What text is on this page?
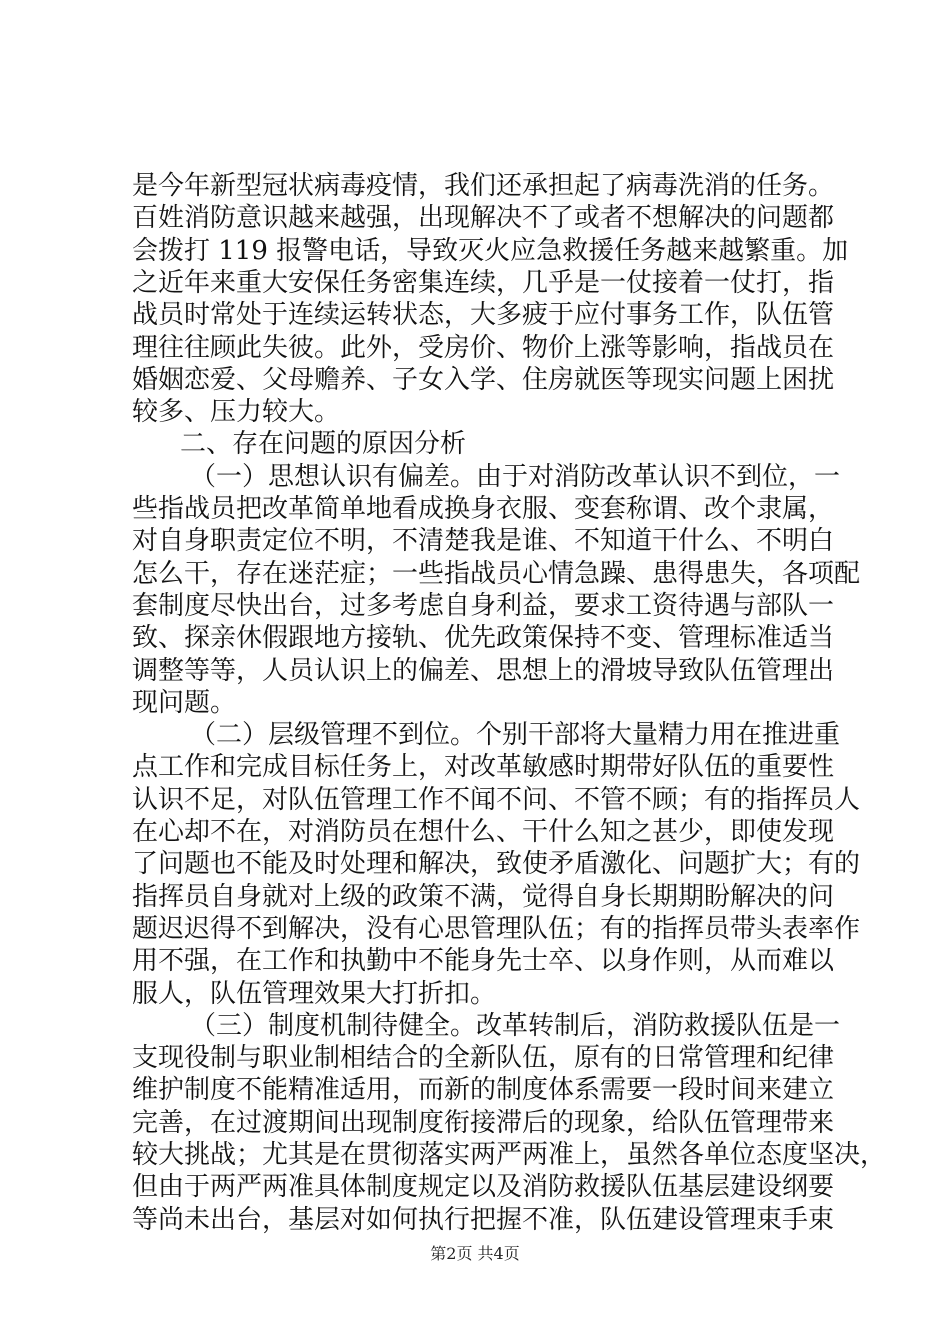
是今年新型冠状病毒疫情，我们还承担起了病毒洗消的任务。
百姓消防意识越来越强，出现解决不了或者不想解决的问题都
会拨打 119 报警电话，导致灭火应急救援任务越来越繁重。加
之近年来重大安保任务密集连续，几乎是一仗接着一仗打，指
战员时常处于连续运转状态，大多疲于应付事务工作，队伍管
理往往顾此失彼。此外，受房价、物价上涨等影响，指战员在
婚姻恋爱、父母赡养、子女入学、住房就医等现实问题上困扰
较多、压力较大。
二、存在问题的原因分析
（一）思想认识有偏差。由于对消防改革认识不到位，一
些指战员把改革简单地看成换身衣服、变套称谓、改个隶属，
对自身职责定位不明，不清楚我是谁、不知道干什么、不明白
怎么干，存在迷茫症；一些指战员心情急躁、患得患失，各项配
套制度尽快出台，过多考虑自身利益，要求工资待遇与部队一
致、探亲休假跟地方接轨、优先政策保持不变、管理标准适当
调整等等，人员认识上的偏差、思想上的滑坡导致队伍管理出
现问题。
（二）层级管理不到位。个别干部将大量精力用在推进重
点工作和完成目标任务上，对改革敏感时期带好队伍的重要性
认识不足，对队伍管理工作不闻不问、不管不顾；有的指挥员人
在心却不在，对消防员在想什么、干什么知之甚少，即使发现
了问题也不能及时处理和解决，致使矛盾激化、问题扩大；有的
指挥员自身就对上级的政策不满，觉得自身长期期盼解决的问
题迟迟得不到解决，没有心思管理队伍；有的指挥员带头表率作
用不强，在工作和执勤中不能身先士卒、以身作则，从而难以
服人，队伍管理效果大打折扣。
（三）制度机制待健全。改革转制后，消防救援队伍是一
支现役制与职业制相结合的全新队伍，原有的日常管理和纪律
维护制度不能精准适用，而新的制度体系需要一段时间来建立
完善，在过渡期间出现制度衔接滞后的现象，给队伍管理带来
较大挑战；尤其是在贯彻落实两严两准上，虽然各单位态度坚决，
但由于两严两准具体制度规定以及消防救援队伍基层建设纲要
等尚未出台，基层对如何执行把握不准，队伍建设管理束手束
第2页 共4页
